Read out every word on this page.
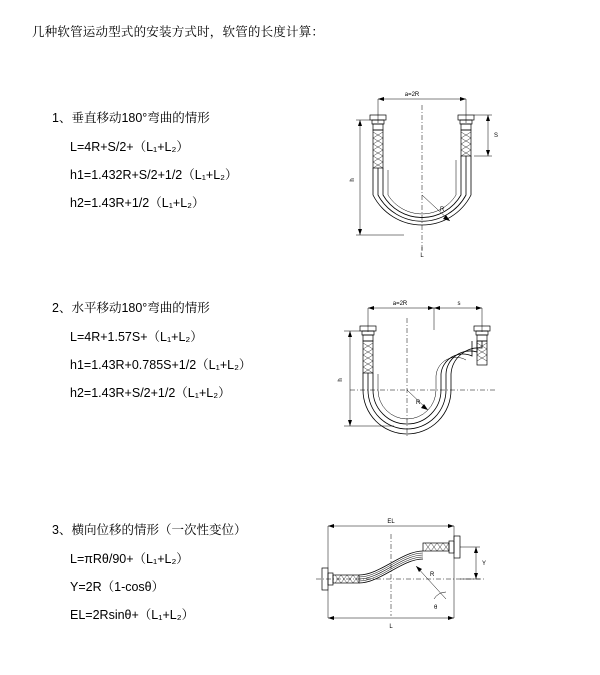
几种软管运动型式的安装方式时，软管的长度计算：
1、垂直移动180°弯曲的情形
L=4R+S/2+（L₁+L₂）
h1=1.432R+S/2+1/2（L₁+L₂）
h2=1.43R+1/2（L₁+L₂）
a=2R
R
S
h
L
2、水平移动180°弯曲的情形
L=4R+1.57S+（L₁+L₂）
h1=1.43R+0.785S+1/2（L₁+L₂）
h2=1.43R+S/2+1/2（L₁+L₂）
a=2R	s
R
h
3、横向位移的情形（一次性变位）
L=πRθ/90+（L₁+L₂）
Y=2R（1-cosθ）
EL=2Rsinθ+（L₁+L₂）
EL
R
θ
Y
L
